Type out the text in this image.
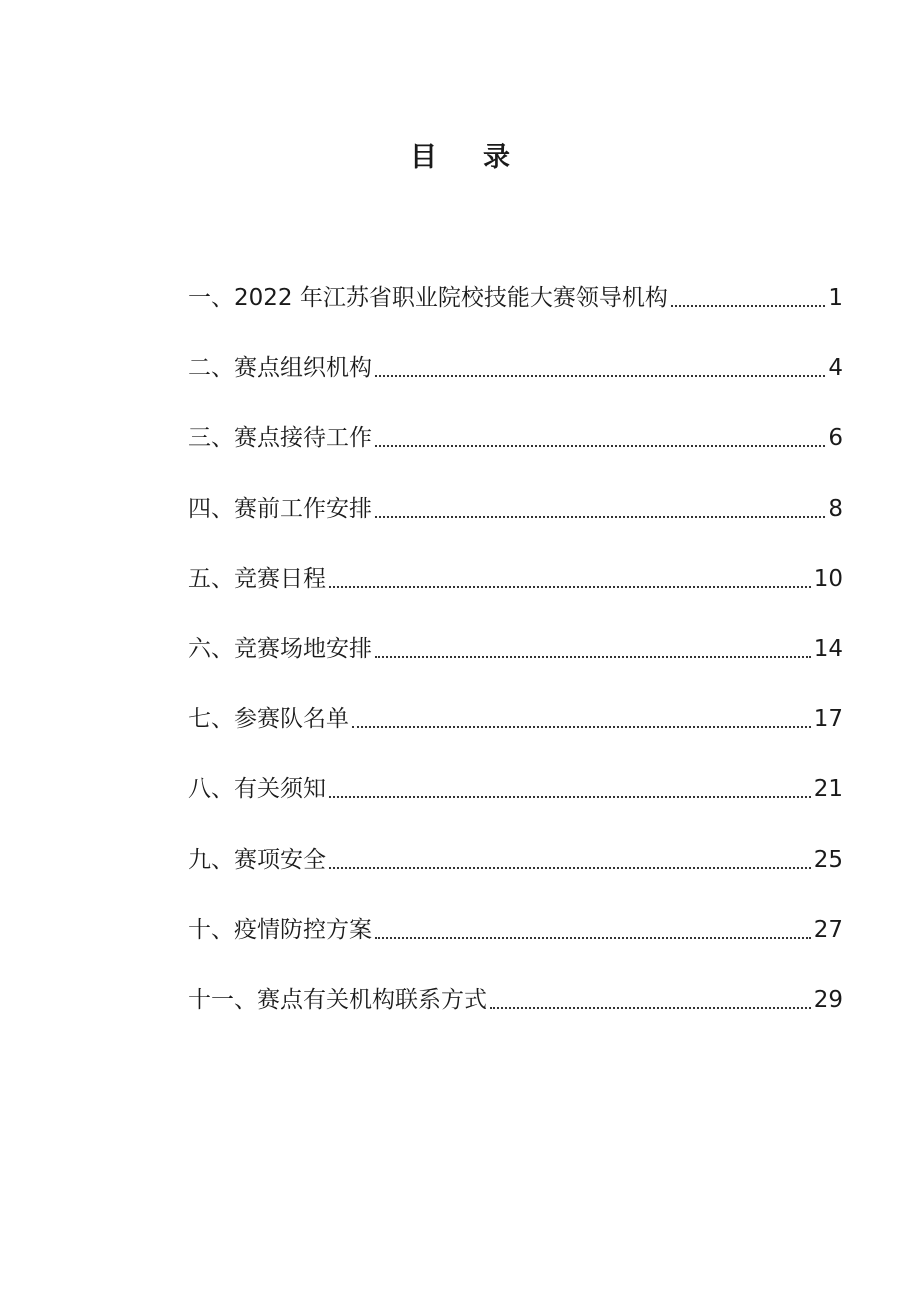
目 录
一、2022 年江苏省职业院校技能大赛领导机构	1
二、赛点组织机构	4
三、赛点接待工作	6
四、赛前工作安排	8
五、竞赛日程	10
六、竞赛场地安排	14
七、参赛队名单	17
八、有关须知	21
九、赛项安全	25
十、疫情防控方案	27
十一、赛点有关机构联系方式	29
